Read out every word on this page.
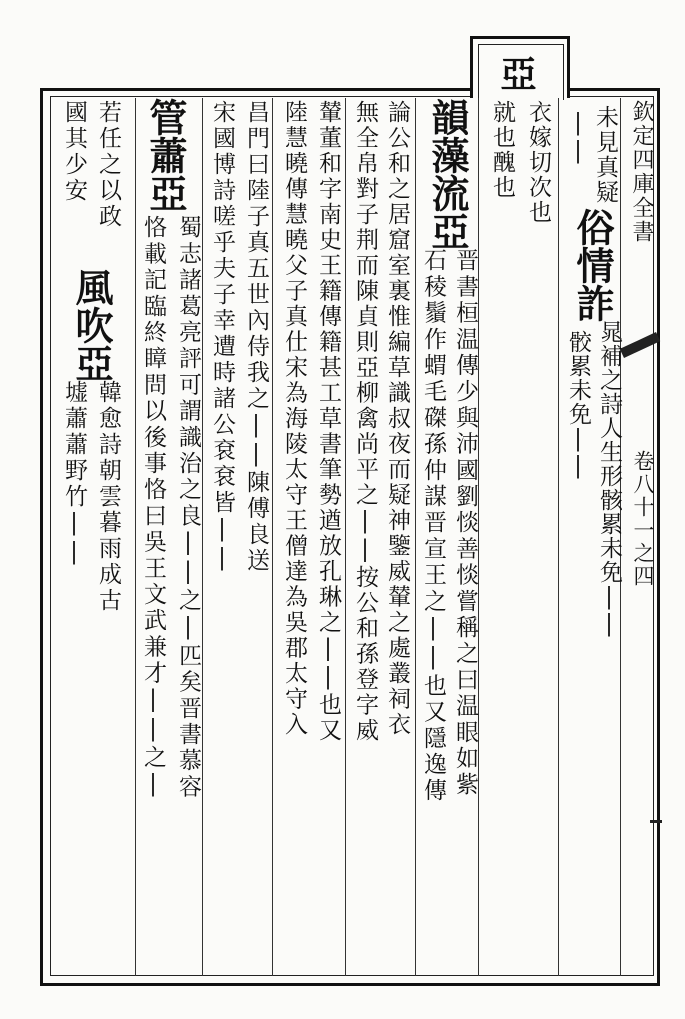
欽定四庫全書
卷八十一之四
未見真疑
俗情詐
晁補之詩人生形骸累未免||
骹累未免||
||
亞
衣嫁切次也
就也醜也
韻藻流亞
晋書桓温傳少與沛國劉惔善惔嘗稱之曰温眼如紫
石稜鬚作蝟毛磔孫仲謀晋宣王之||也又隱逸傳
論公和之居窟室裏惟編草識叔夜而疑神鑒威輦之處叢祠衣
無全帛對子荆而陳貞則亞柳禽尚平之||按公和孫登字威
輦董和字南史王籍傳籍甚工草書筆勢遒放孔琳之||也又
陸慧曉傳慧曉父子真仕宋為海陵太守王僧達為吳郡太守入
昌門曰陸子真五世內侍我之||陳傅良送
宋國博詩嗟乎夫子幸遭時諸公袞袞皆||
管蕭亞
蜀志諸葛亮評可謂識治之良||之|匹矣晋書慕容
恪載記臨終瞕問以後事恪曰吳王文武兼才||之|
若任之以政
風吹亞
韓愈詩朝雲暮雨成古
墟蕭蕭野竹||
國其少安
